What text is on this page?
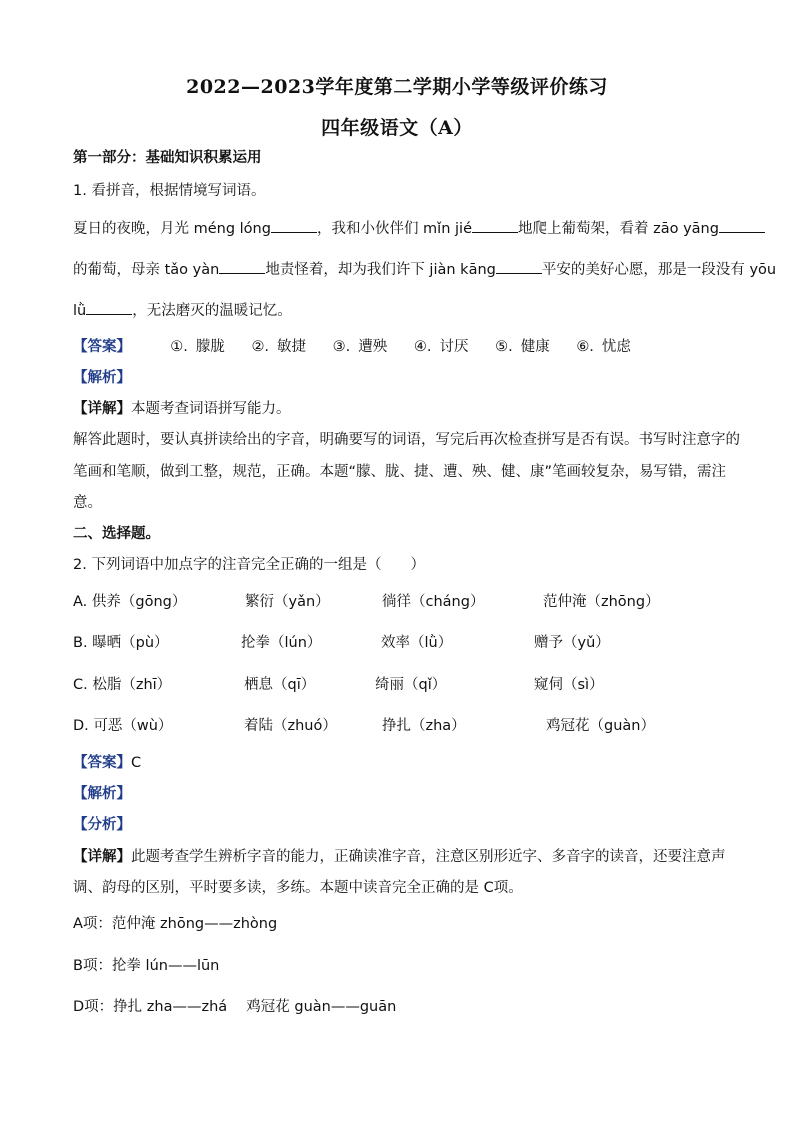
2022—2023学年度第二学期小学等级评价练习
四年级语文（A）
第一部分：基础知识积累运用
1. 看拼音，根据情境写词语。
夏日的夜晚，月光 méng lóng	，我和小伙伴们 mǐn jié	地爬上葡萄架，看着 zāo yāng
的葡萄，母亲 tǎo yàn	地责怪着，却为我们许下 jiàn kāng	平安的美好心愿，那是一段没有 yōu
lǜ	，无法磨灭的温暖记忆。
【答案】	①. 朦胧 ②. 敏捷 ③. 遭殃 ④. 讨厌 ⑤. 健康 ⑥. 忧虑
【解析】
【详解】本题考查词语拼写能力。
解答此题时，要认真拼读给出的字音，明确要写的词语，写完后再次检查拼写是否有误。书写时注意字的
笔画和笔顺，做到工整，规范，正确。本题“朦、胧、捷、遭、殃、健、康”笔画较复杂，易写错，需注
意。
二、选择题。
2. 下列词语中加点字的注音完全正确的一组是（　　）
A. 供养（gōng）	繁衍（yǎn）	徜徉（cháng）	范仲淹（zhōng）
B. 曝晒（pù）	抡拳（lún）	效率（lǜ）	赠予（yǔ）
C. 松脂（zhī）	栖息（qī）	绮丽（qǐ）	窥伺（sì）
D. 可恶（wù）	着陆（zhuó）	挣扎（zha）	鸡冠花（guàn）
【答案】C
【解析】
【分析】
【详解】此题考查学生辨析字音的能力，正确读准字音，注意区别形近字、多音字的读音，还要注意声
调、韵母的区别，平时要多读，多练。本题中读音完全正确的是 C项。
A项：范仲淹 zhōng——zhòng
B项：抡拳 lún——lūn
D项：挣扎 zha——zhá　 鸡冠花 guàn——guān
